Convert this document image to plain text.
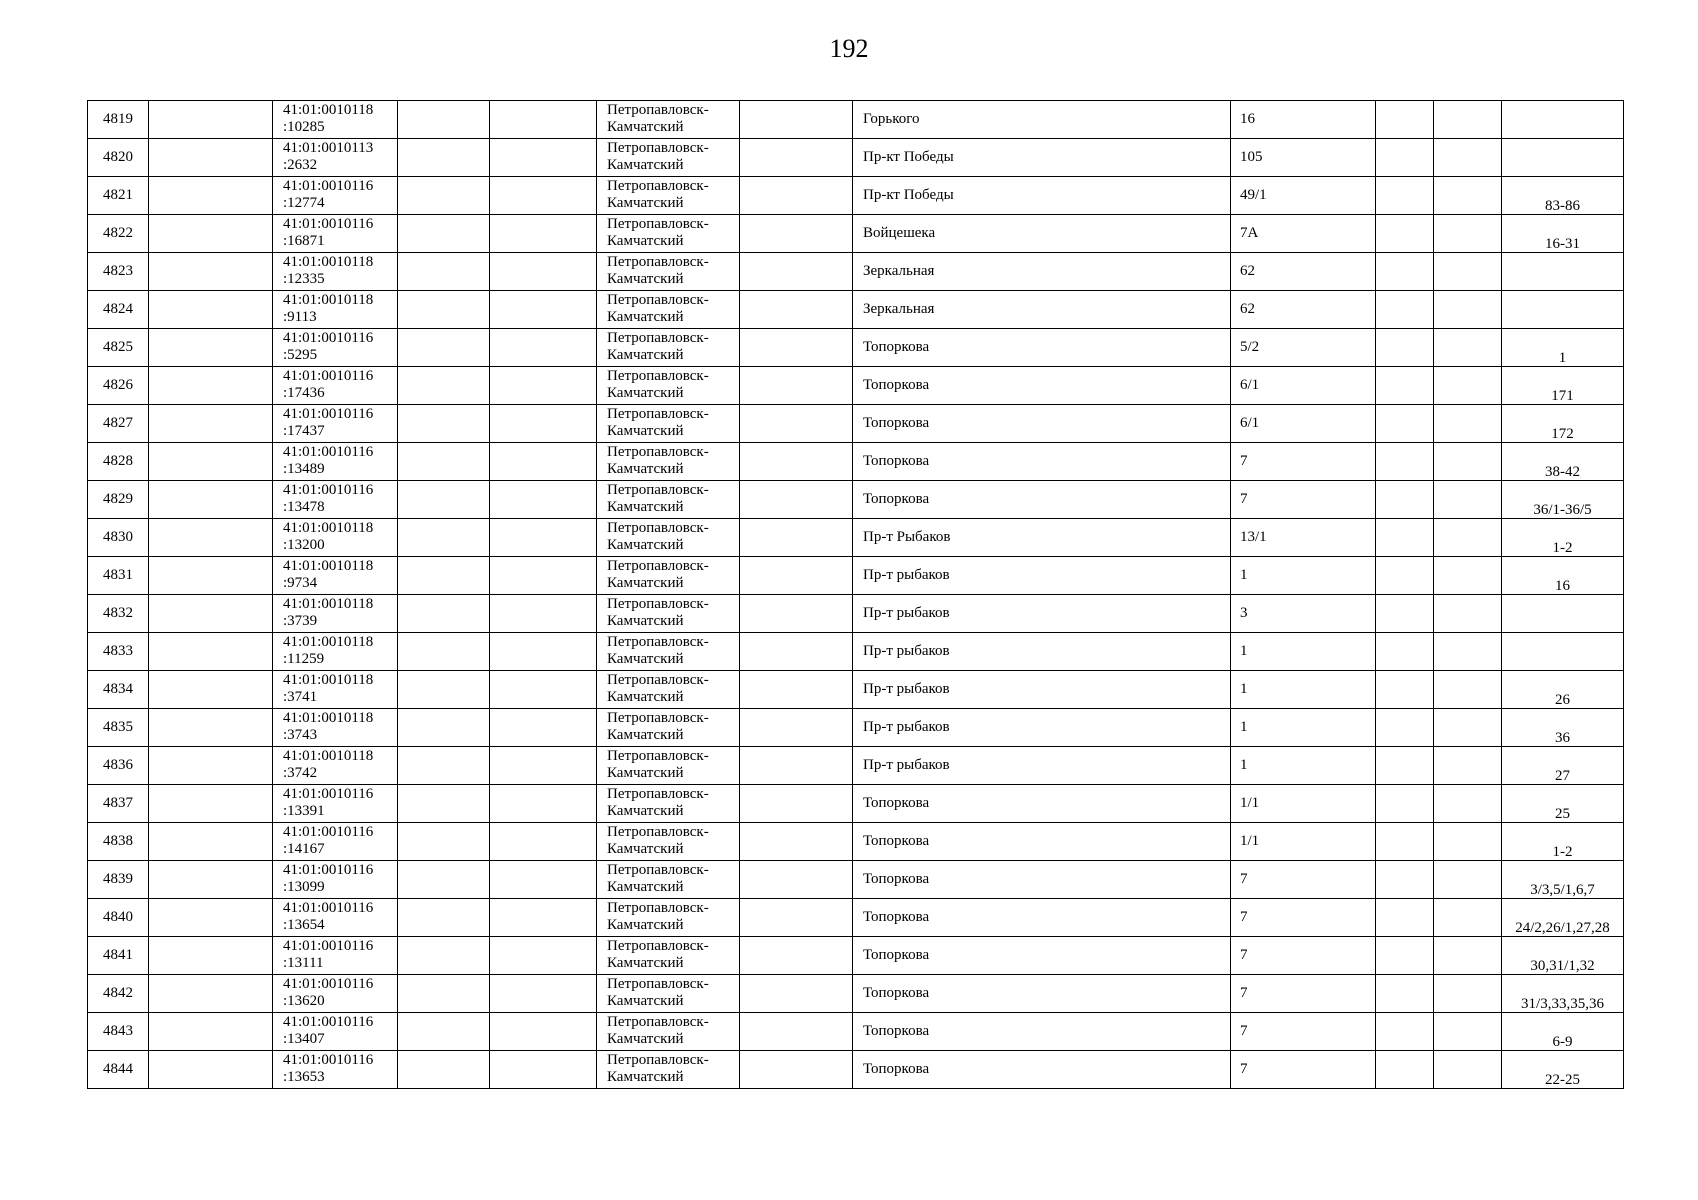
192
4819		41:01:0010118
:10285			Петропавловск-
Камчатский		Горького	16			
4820		41:01:0010113
:2632			Петропавловск-
Камчатский		Пр-кт Победы	105			
4821		41:01:0010116
:12774			Петропавловск-
Камчатский		Пр-кт Победы	49/1			83-86
4822		41:01:0010116
:16871			Петропавловск-
Камчатский		Войцешека	7А			16-31
4823		41:01:0010118
:12335			Петропавловск-
Камчатский		Зеркальная	62			
4824		41:01:0010118
:9113			Петропавловск-
Камчатский		Зеркальная	62			
4825		41:01:0010116
:5295			Петропавловск-
Камчатский		Топоркова	5/2			1
4826		41:01:0010116
:17436			Петропавловск-
Камчатский		Топоркова	6/1			171
4827		41:01:0010116
:17437			Петропавловск-
Камчатский		Топоркова	6/1			172
4828		41:01:0010116
:13489			Петропавловск-
Камчатский		Топоркова	7			38-42
4829		41:01:0010116
:13478			Петропавловск-
Камчатский		Топоркова	7			36/1-36/5
4830		41:01:0010118
:13200			Петропавловск-
Камчатский		Пр-т Рыбаков	13/1			1-2
4831		41:01:0010118
:9734			Петропавловск-
Камчатский		Пр-т рыбаков	1			16
4832		41:01:0010118
:3739			Петропавловск-
Камчатский		Пр-т рыбаков	3			
4833		41:01:0010118
:11259			Петропавловск-
Камчатский		Пр-т рыбаков	1			
4834		41:01:0010118
:3741			Петропавловск-
Камчатский		Пр-т рыбаков	1			26
4835		41:01:0010118
:3743			Петропавловск-
Камчатский		Пр-т рыбаков	1			36
4836		41:01:0010118
:3742			Петропавловск-
Камчатский		Пр-т рыбаков	1			27
4837		41:01:0010116
:13391			Петропавловск-
Камчатский		Топоркова	1/1			25
4838		41:01:0010116
:14167			Петропавловск-
Камчатский		Топоркова	1/1			1-2
4839		41:01:0010116
:13099			Петропавловск-
Камчатский		Топоркова	7			3/3,5/1,6,7
4840		41:01:0010116
:13654			Петропавловск-
Камчатский		Топоркова	7			24/2,26/1,27,28
4841		41:01:0010116
:13111			Петропавловск-
Камчатский		Топоркова	7			30,31/1,32
4842		41:01:0010116
:13620			Петропавловск-
Камчатский		Топоркова	7			31/3,33,35,36
4843		41:01:0010116
:13407			Петропавловск-
Камчатский		Топоркова	7			6-9
4844		41:01:0010116
:13653			Петропавловск-
Камчатский		Топоркова	7			22-25
